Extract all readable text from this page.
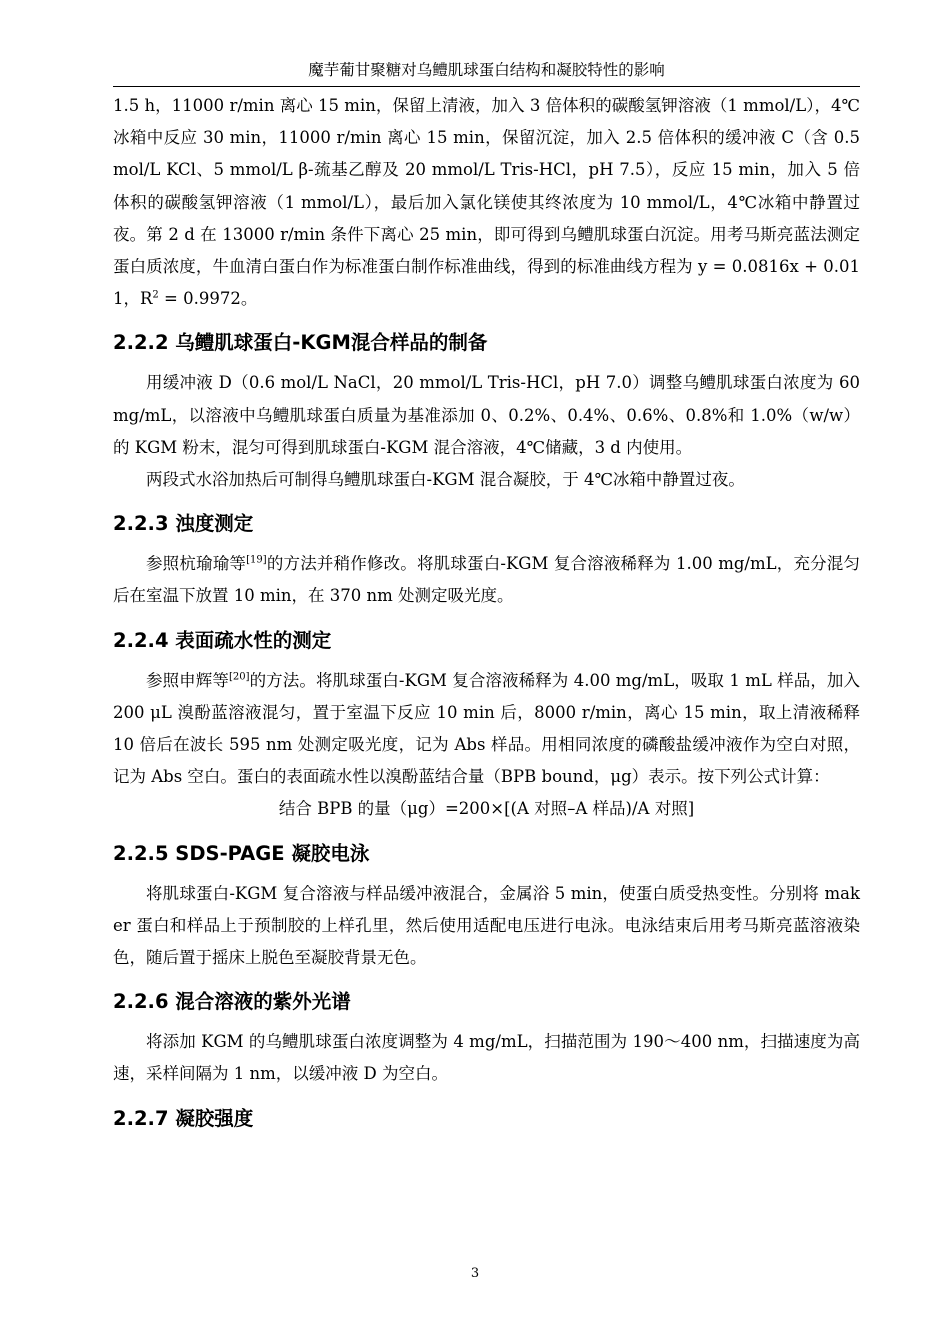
魔芋葡甘聚糖对乌鳢肌球蛋白结构和凝胶特性的影响

1.5 h，11000 r/min 离心 15 min，保留上清液，加入 3 倍体积的碳酸氢钾溶液（1 mmol/L），4℃冰箱中反应 30 min，11000 r/min 离心 15 min，保留沉淀，加入 2.5 倍体积的缓冲液 C（含 0.5 mol/L KCl、5 mmol/L β-巯基乙醇及 20 mmol/L Tris-HCl，pH 7.5），反应 15 min，加入 5 倍体积的碳酸氢钾溶液（1 mmol/L），最后加入氯化镁使其终浓度为 10 mmol/L，4℃冰箱中静置过夜。第 2 d 在 13000 r/min 条件下离心 25 min，即可得到乌鳢肌球蛋白沉淀。用考马斯亮蓝法测定蛋白质浓度，牛血清白蛋白作为标准蛋白制作标准曲线，得到的标准曲线方程为 y = 0.0816x + 0.011，$R^2 = 0.9972$。

2.2.2 乌鳢肌球蛋白-KGM混合样品的制备

用缓冲液 D（0.6 mol/L NaCl，20 mmol/L Tris-HCl，pH 7.0）调整乌鳢肌球蛋白浓度为 60 mg/mL，以溶液中乌鳢肌球蛋白质量为基准添加 0、0.2%、0.4%、0.6%、0.8%和 1.0%（w/w）的 KGM 粉末，混匀可得到肌球蛋白-KGM 混合溶液，4℃储藏，3 d 内使用。

两段式水浴加热后可制得乌鳢肌球蛋白-KGM 混合凝胶，于 4℃冰箱中静置过夜。

2.2.3 浊度测定

参照杭瑜瑜等[19]的方法并稍作修改。将肌球蛋白-KGM 复合溶液稀释为 1.00 mg/mL，充分混匀后在室温下放置 10 min，在 370 nm 处测定吸光度。

2.2.4 表面疏水性的测定

参照申辉等[20]的方法。将肌球蛋白-KGM 复合溶液稀释为 4.00 mg/mL，吸取 1 mL 样品，加入 200 μL 溴酚蓝溶液混匀，置于室温下反应 10 min 后，8000 r/min，离心 15 min，取上清液稀释 10 倍后在波长 595 nm 处测定吸光度，记为 Abs 样品。用相同浓度的磷酸盐缓冲液作为空白对照，记为 Abs 空白。蛋白的表面疏水性以溴酚蓝结合量（BPB bound，μg）表示。按下列公式计算：

结合 BPB 的量（μg）=200×[(A 对照–A 样品)/A 对照]

2.2.5 SDS-PAGE 凝胶电泳

将肌球蛋白-KGM 复合溶液与样品缓冲液混合，金属浴 5 min，使蛋白质受热变性。分别将 maker 蛋白和样品上于预制胶的上样孔里，然后使用适配电压进行电泳。电泳结束后用考马斯亮蓝溶液染色，随后置于摇床上脱色至凝胶背景无色。

2.2.6 混合溶液的紫外光谱

将添加 KGM 的乌鳢肌球蛋白浓度调整为 4 mg/mL，扫描范围为 190～400 nm，扫描速度为高速，采样间隔为 1 nm，以缓冲液 D 为空白。

2.2.7 凝胶强度
3
